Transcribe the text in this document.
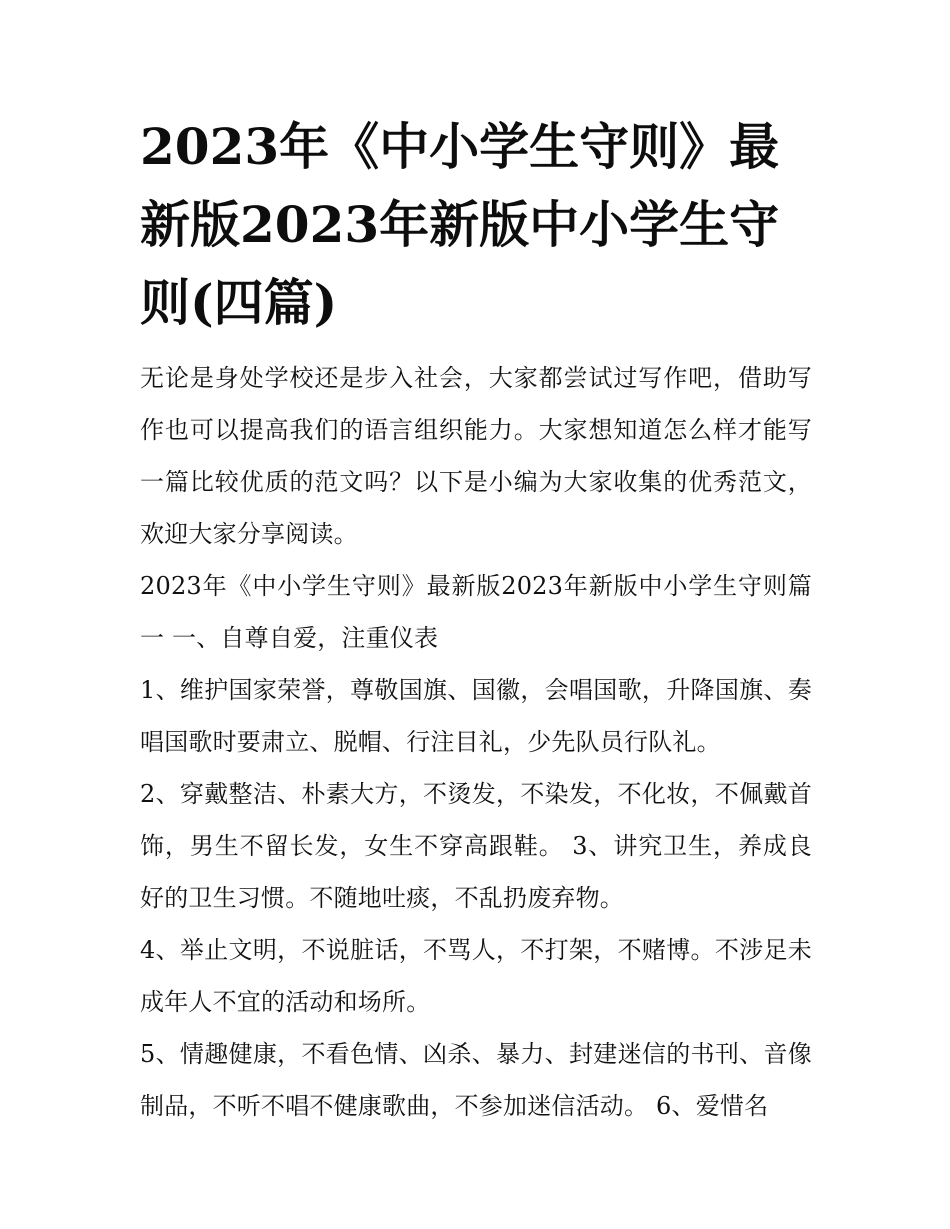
2023年《中小学生守则》最新版2023年新版中小学生守则(四篇)

无论是身处学校还是步入社会，大家都尝试过写作吧，借助写作也可以提高我们的语言组织能力。大家想知道怎么样才能写一篇比较优质的范文吗？以下是小编为大家收集的优秀范文，欢迎大家分享阅读。

2023年《中小学生守则》最新版2023年新版中小学生守则篇一 一、自尊自爱，注重仪表

1、维护国家荣誉，尊敬国旗、国徽，会唱国歌，升降国旗、奏唱国歌时要肃立、脱帽、行注目礼，少先队员行队礼。

2、穿戴整洁、朴素大方，不烫发，不染发，不化妆，不佩戴首饰，男生不留长发，女生不穿高跟鞋。 3、讲究卫生，养成良好的卫生习惯。不随地吐痰，不乱扔废弃物。

4、举止文明，不说脏话，不骂人，不打架，不赌博。不涉足未成年人不宜的活动和场所。

5、情趣健康，不看色情、凶杀、暴力、封建迷信的书刊、音像制品，不听不唱不健康歌曲，不参加迷信活动。 6、爱惜名
